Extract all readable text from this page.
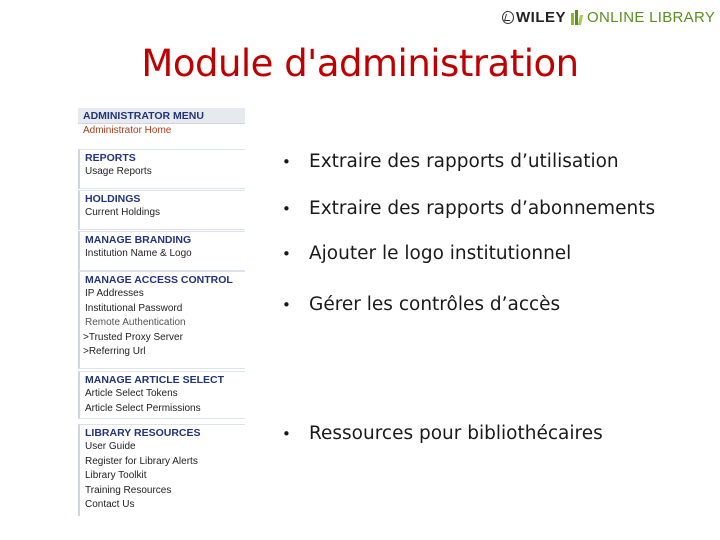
WILEY ONLINE LIBRARY
Module d'administration
ADMINISTRATOR MENU
Administrator Home
REPORTS
Usage Reports
HOLDINGS
Current Holdings
MANAGE BRANDING
Institution Name & Logo
MANAGE ACCESS CONTROL
IP Addresses
Institutional Password
Remote Authentication
>Trusted Proxy Server
>Referring Url
MANAGE ARTICLE SELECT
Article Select Tokens
Article Select Permissions
LIBRARY RESOURCES
User Guide
Register for Library Alerts
Library Toolkit
Training Resources
Contact Us
• Extraire des rapports d’utilisation
• Extraire des rapports d’abonnements
• Ajouter le logo institutionnel
• Gérer les contrôles d’accès
• Ressources pour bibliothécaires
